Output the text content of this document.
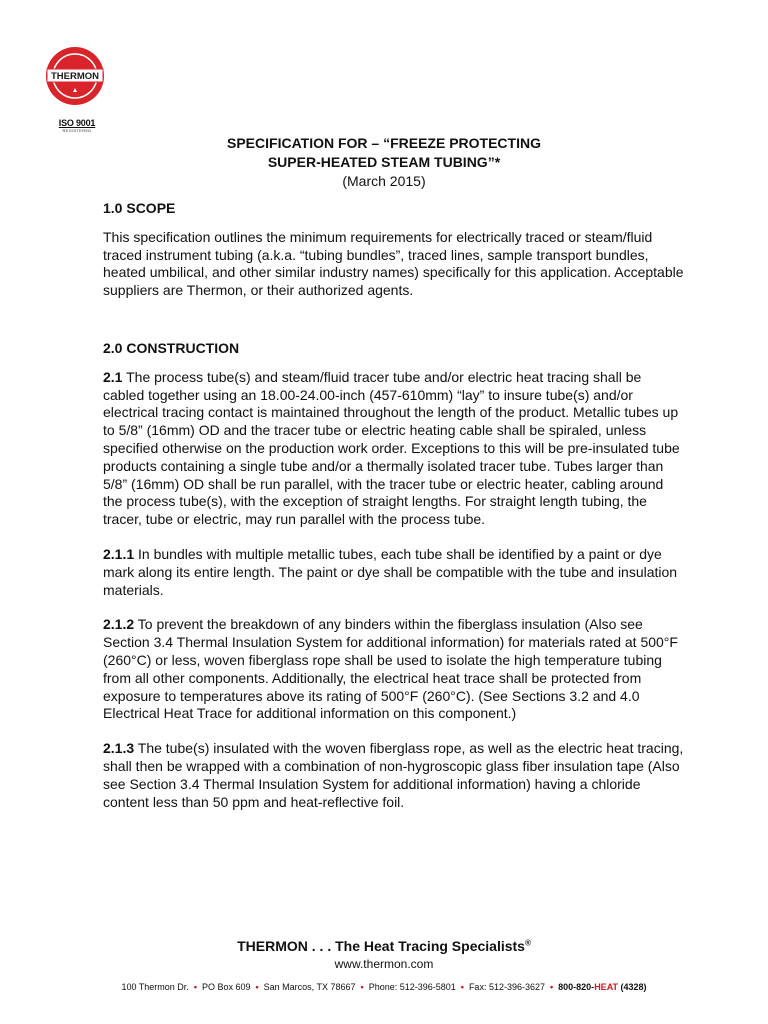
THERMON
ISO 9001
REGISTERED
SPECIFICATION FOR – “FREEZE PROTECTING
SUPER-HEATED STEAM TUBING”*
(March 2015)

1.0 SCOPE

This specification outlines the minimum requirements for electrically traced or steam/fluid traced instrument tubing (a.k.a. “tubing bundles”, traced lines, sample transport bundles, heated umbilical, and other similar industry names) specifically for this application. Acceptable suppliers are Thermon, or their authorized agents.

2.0 CONSTRUCTION

2.1 The process tube(s) and steam/fluid tracer tube and/or electric heat tracing shall be cabled together using an 18.00-24.00-inch (457-610mm) “lay” to insure tube(s) and/or electrical tracing contact is maintained throughout the length of the product. Metallic tubes up to 5/8” (16mm) OD and the tracer tube or electric heating cable shall be spiraled, unless specified otherwise on the production work order. Exceptions to this will be pre-insulated tube products containing a single tube and/or a thermally isolated tracer tube. Tubes larger than 5/8” (16mm) OD shall be run parallel, with the tracer tube or electric heater, cabling around the process tube(s), with the exception of straight lengths. For straight length tubing, the tracer, tube or electric, may run parallel with the process tube.

2.1.1 In bundles with multiple metallic tubes, each tube shall be identified by a paint or dye mark along its entire length. The paint or dye shall be compatible with the tube and insulation materials.

2.1.2 To prevent the breakdown of any binders within the fiberglass insulation (Also see Section 3.4 Thermal Insulation System for additional information) for materials rated at 500°F (260°C) or less, woven fiberglass rope shall be used to isolate the high temperature tubing from all other components. Additionally, the electrical heat trace shall be protected from exposure to temperatures above its rating of 500°F (260°C). (See Sections 3.2 and 4.0 Electrical Heat Trace for additional information on this component.)

2.1.3 The tube(s) insulated with the woven fiberglass rope, as well as the electric heat tracing, shall then be wrapped with a combination of non-hygroscopic glass fiber insulation tape (Also see Section 3.4 Thermal Insulation System for additional information) having a chloride content less than 50 ppm and heat-reflective foil.

THERMON . . . The Heat Tracing Specialists®
www.thermon.com
100 Thermon Dr. • PO Box 609 • San Marcos, TX 78667 • Phone: 512-396-5801 • Fax: 512-396-3627 • 800-820-HEAT (4328)
